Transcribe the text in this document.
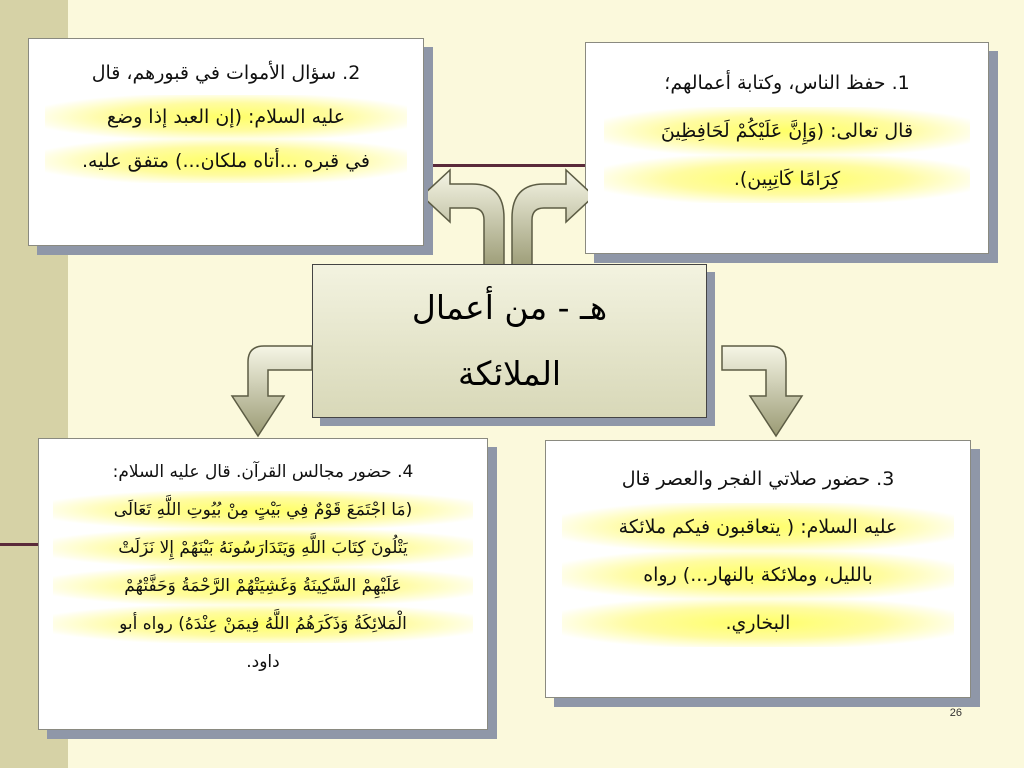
2. سؤال الأموات في قبورهم، قال
عليه السلام: (إن العبد إذا وضع
في قبره ...أتاه ملكان...) متفق عليه.
1. حفظ الناس، وكتابة أعمالهم؛
قال تعالى: (وَإِنَّ عَلَيْكُمْ لَحَافِظِينَ
كِرَامًا كَاتِبِين).
هـ - من أعمال
الملائكة
4. حضور مجالس القرآن. قال عليه السلام:
(مَا اجْتَمَعَ قَوْمٌ فِي بَيْتٍ مِنْ بُيُوتِ اللَّهِ تَعَالَى
يَتْلُونَ كِتَابَ اللَّهِ وَيَتَدَارَسُونَهُ بَيْنَهُمْ إِلا نَزَلَتْ
عَلَيْهِمْ السَّكِينَةُ وَغَشِيَتْهُمْ الرَّحْمَةُ وَحَفَّتْهُمْ
الْمَلائِكَةُ وَذَكَرَهُمُ اللَّهُ فِيمَنْ عِنْدَهُ) رواه أبو
داود.
3. حضور صلاتي الفجر والعصر قال
عليه السلام: ( يتعاقبون فيكم ملائكة
بالليل، وملائكة بالنهار...) رواه
البخاري.
26
